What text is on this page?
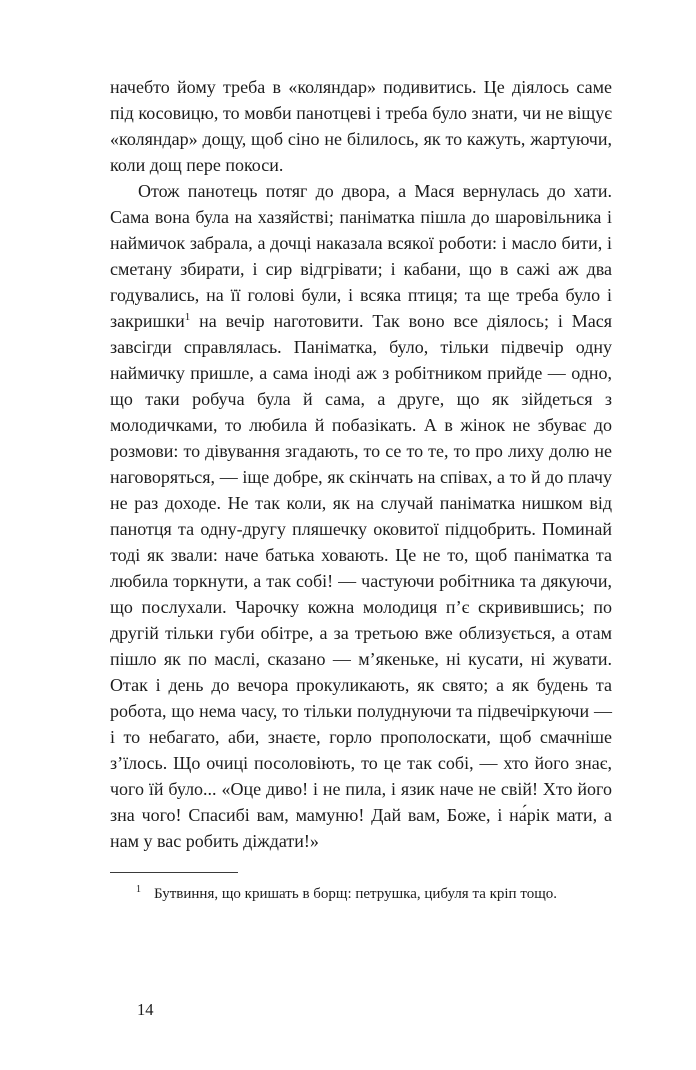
начебто йому треба в «коляндар» подивитись. Це діялось саме під косовицю, то мовби панотцеві і треба було знати, чи не віщує «коляндар» дощу, щоб сіно не білилось, як то кажуть, жартуючи, коли дощ пере покоси.

Отож панотець потяг до двора, а Мася вернулась до хати. Сама вона була на хазяйстві; паніматка пішла до шаровільника і наймичок забрала, а дочці наказала всякої роботи: і масло бити, і сметану збирати, і сир відгрівати; і кабани, що в сажі аж два годувались, на її голові були, і всяка птиця; та ще треба було і закришки$^1$ на вечір наготовити. Так воно все діялось; і Мася завсігди справлялась. Паніматка, було, тільки підвечір одну наймичку пришле, а сама іноді аж з робітником прийде — одно, що таки робуча була й сама, а друге, що як зійдеться з молодичками, то любила й побазікать. А в жінок не збуває до розмови: то дівування згадають, то се то те, то про лиху долю не наговоряться, — іще добре, як скінчать на співах, а то й до плачу не раз доходе. Не так коли, як на случай паніматка нишком від панотця та одну-другу пляшечку оковитої підцобрить. Поминай тоді як звали: наче батька ховають. Це не то, щоб паніматка та любила торкнути, а так собі! — частуючи робітника та дякуючи, що послухали. Чарочку кожна молодиця п’є скривившись; по другій тільки губи обітре, а за третьою вже облизується, а отам пішло як по маслі, сказано — м’якеньке, ні кусати, ні жувати. Отак і день до вечора прокуликають, як свято; а як будень та робота, що нема часу, то тільки полуднуючи та підвечіркуючи — і то небагато, аби, знаєте, горло прополоскати, щоб смачніше з’їлось. Що очиці посоловіють, то це так собі, — хто його знає, чого їй було... «Оце диво! і не пила, і язик наче не свій! Хто його зна чого! Спасибі вам, мамуню! Дай вам, Боже, і на́рік мати, а нам у вас робить діждати!»

$^1$ Бутвиння, що кришать в борщ: петрушка, цибуля та кріп тощо.

14
